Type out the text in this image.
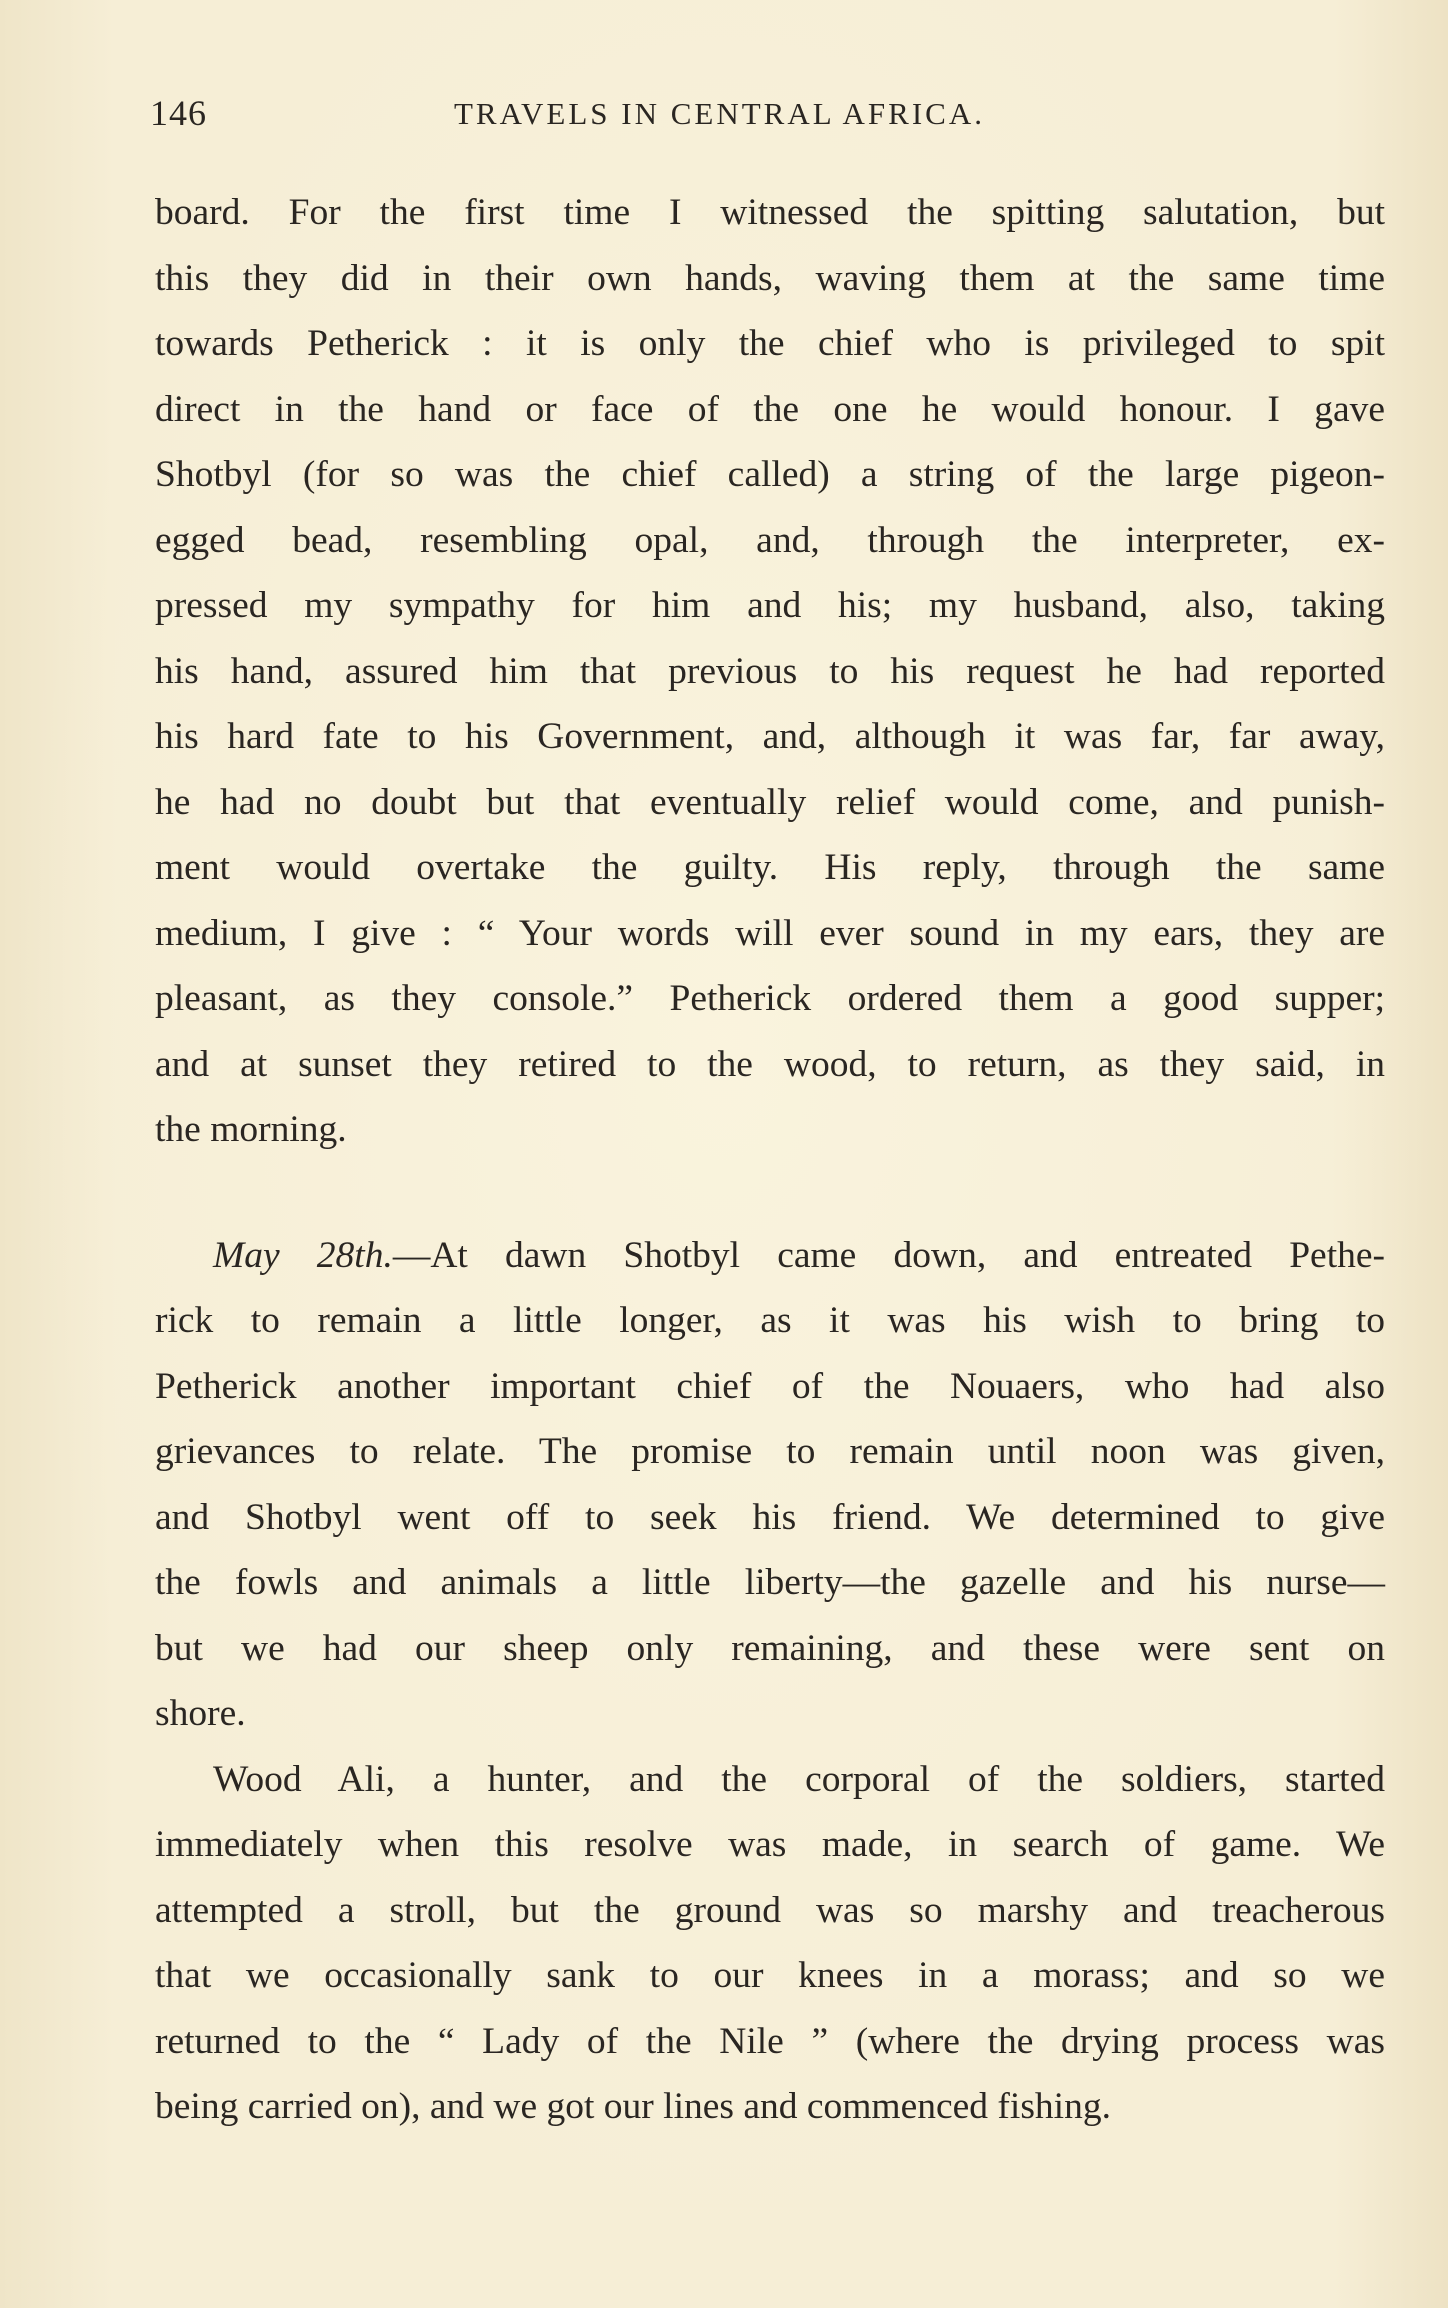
146	TRAVELS IN CENTRAL AFRICA.
board. For the first time I witnessed the spitting salutation, but
this they did in their own hands, waving them at the same time
towards Petherick : it is only the chief who is privileged to spit
direct in the hand or face of the one he would honour. I gave
Shotbyl (for so was the chief called) a string of the large pigeon-
egged bead, resembling opal, and, through the interpreter, ex-
pressed my sympathy for him and his; my husband, also, taking
his hand, assured him that previous to his request he had reported
his hard fate to his Government, and, although it was far, far away,
he had no doubt but that eventually relief would come, and punish-
ment would overtake the guilty. His reply, through the same
medium, I give : “ Your words will ever sound in my ears, they are
pleasant, as they console.” Petherick ordered them a good supper;
and at sunset they retired to the wood, to return, as they said, in
the morning.
May 28th.—At dawn Shotbyl came down, and entreated Pethe-
rick to remain a little longer, as it was his wish to bring to
Petherick another important chief of the Nouaers, who had also
grievances to relate. The promise to remain until noon was given,
and Shotbyl went off to seek his friend. We determined to give
the fowls and animals a little liberty—the gazelle and his nurse—
but we had our sheep only remaining, and these were sent on
shore.
Wood Ali, a hunter, and the corporal of the soldiers, started
immediately when this resolve was made, in search of game. We
attempted a stroll, but the ground was so marshy and treacherous
that we occasionally sank to our knees in a morass; and so we
returned to the “ Lady of the Nile ” (where the drying process was
being carried on), and we got our lines and commenced fishing.
